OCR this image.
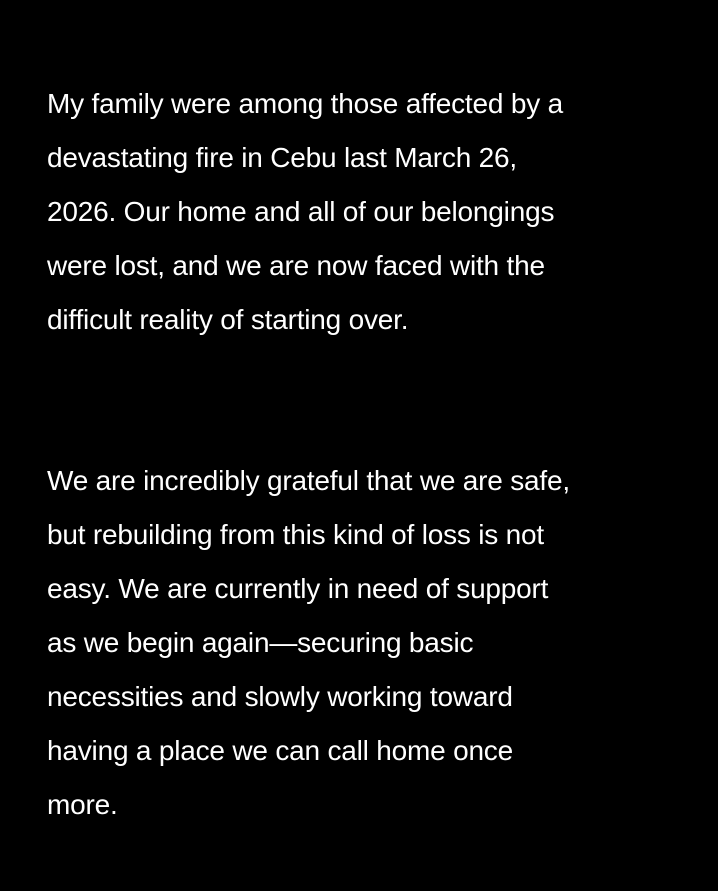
My family were among those affected by a
devastating fire in Cebu last March 26,
2026. Our home and all of our belongings
were lost, and we are now faced with the
difficult reality of starting over.

We are incredibly grateful that we are safe,
but rebuilding from this kind of loss is not
easy. We are currently in need of support
as we begin again—securing basic
necessities and slowly working toward
having a place we can call home once
more.
